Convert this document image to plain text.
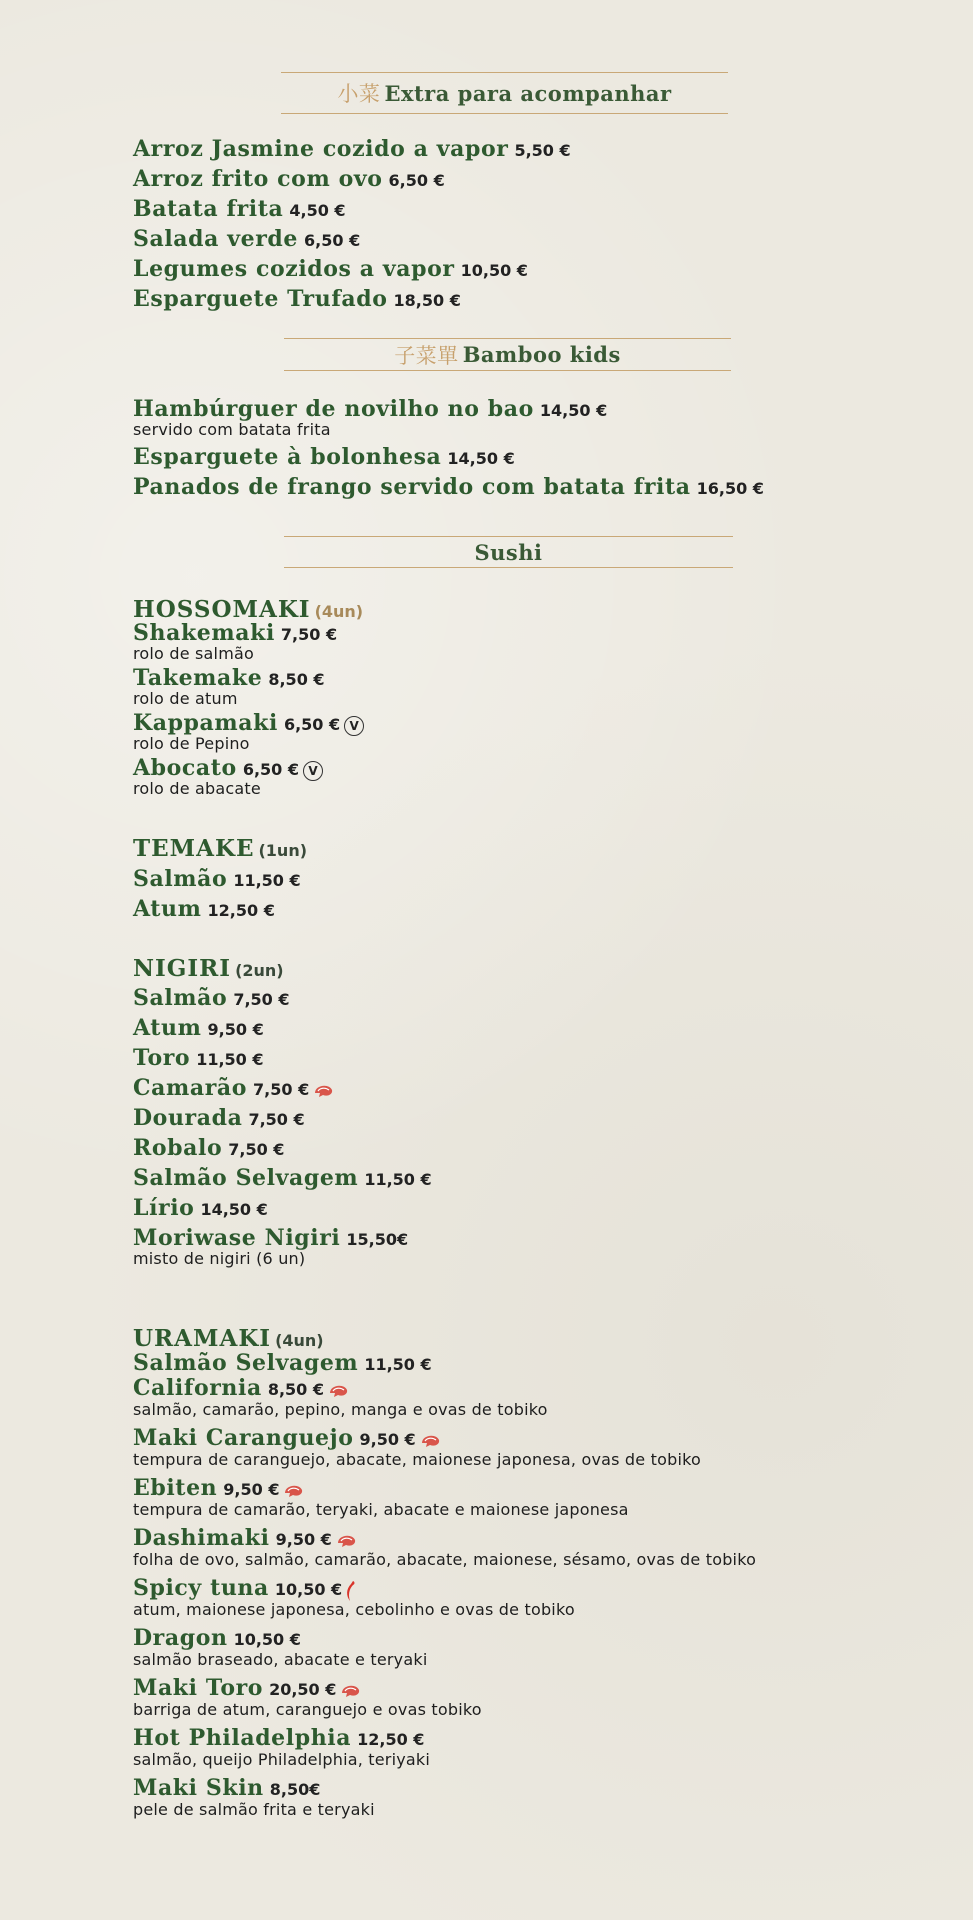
小菜 Extra para acompanhar
Arroz Jasmine cozido a vapor 5,50 €
Arroz frito com ovo 6,50 €
Batata frita 4,50 €
Salada verde 6,50 €
Legumes cozidos a vapor 10,50 €
Esparguete Trufado 18,50 €
子菜單 Bamboo kids
Hambúrguer de novilho no bao 14,50 €
servido com batata frita
Esparguete à bolonhesa 14,50 €
Panados de frango servido com batata frita 16,50 €
Sushi
HOSSOMAKI (4un)
Shakemaki 7,50 €
rolo de salmão
Takemake 8,50 €
rolo de atum
Kappamaki 6,50 € V
rolo de Pepino
Abocato 6,50 € V
rolo de abacate
TEMAKE (1un)
Salmão 11,50 €
Atum 12,50 €
NIGIRI (2un)
Salmão 7,50 €
Atum 9,50 €
Toro 11,50 €
Camarão 7,50 €
Dourada 7,50 €
Robalo 7,50 €
Salmão Selvagem 11,50 €
Lírio 14,50 €
Moriwase Nigiri 15,50€
misto de nigiri (6 un)
URAMAKI (4un)
Salmão Selvagem 11,50 €
California 8,50 €
salmão, camarão, pepino, manga e ovas de tobiko
Maki Caranguejo 9,50 €
tempura de caranguejo, abacate, maionese japonesa, ovas de tobiko
Ebiten 9,50 €
tempura de camarão, teryaki, abacate e maionese japonesa
Dashimaki 9,50 €
folha de ovo, salmão, camarão, abacate, maionese, sésamo, ovas de tobiko
Spicy tuna 10,50 €
atum, maionese japonesa, cebolinho e ovas de tobiko
Dragon 10,50 €
salmão braseado, abacate e teryaki
Maki Toro 20,50 €
barriga de atum, caranguejo e ovas tobiko
Hot Philadelphia 12,50 €
salmão, queijo Philadelphia, teriyaki
Maki Skin 8,50€
pele de salmão frita e teryaki
